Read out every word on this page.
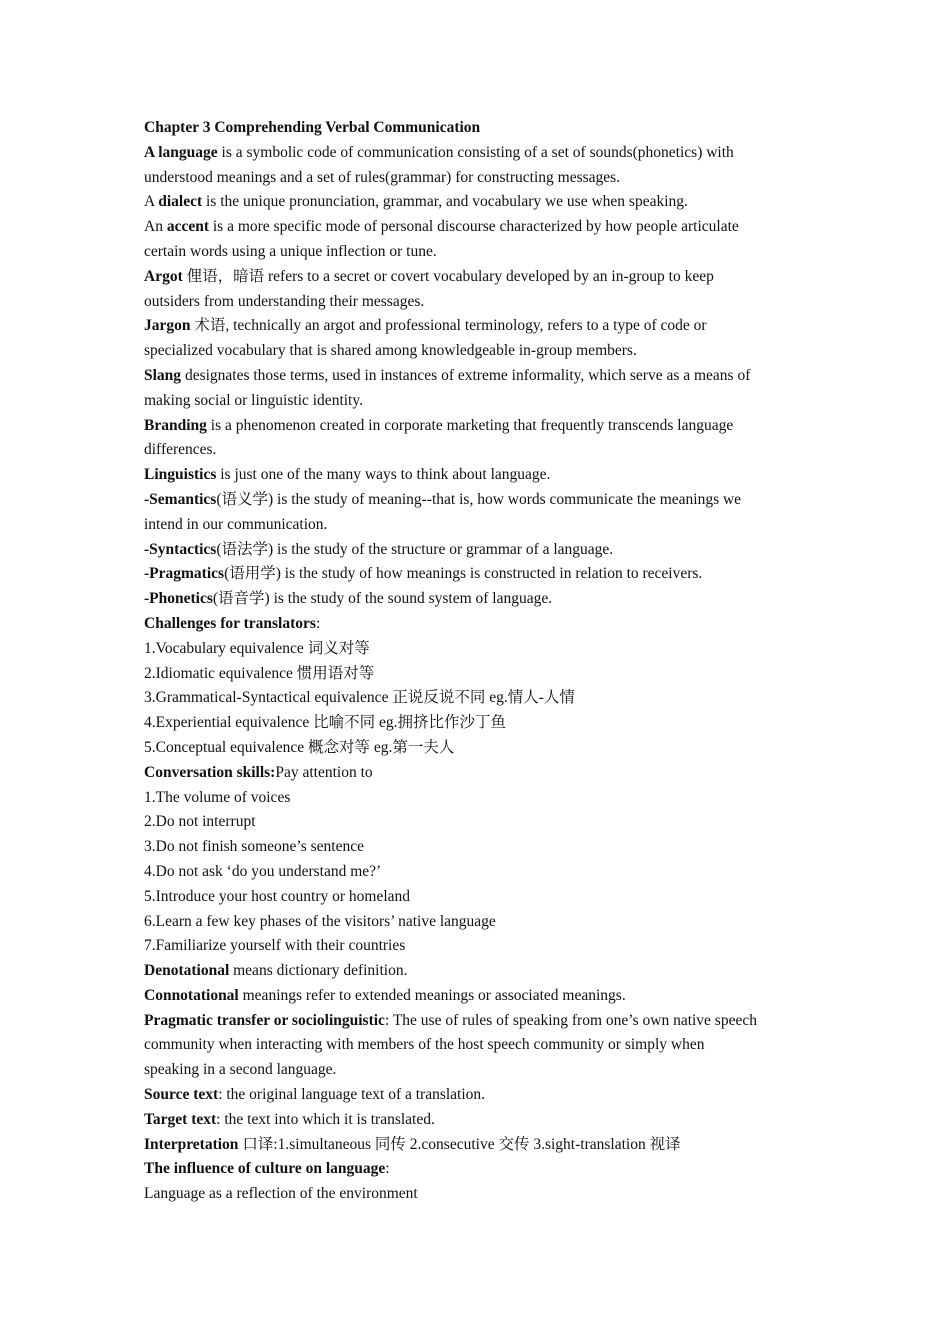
Chapter 3 Comprehending Verbal Communication
A language is a symbolic code of communication consisting of a set of sounds(phonetics) with
understood meanings and a set of rules(grammar) for constructing messages.
A dialect is the unique pronunciation, grammar, and vocabulary we use when speaking.
An accent is a more specific mode of personal discourse characterized by how people articulate
certain words using a unique inflection or tune.
Argot 俚语，暗语 refers to a secret or covert vocabulary developed by an in-group to keep
outsiders from understanding their messages.
Jargon 术语, technically an argot and professional terminology, refers to a type of code or
specialized vocabulary that is shared among knowledgeable in-group members.
Slang designates those terms, used in instances of extreme informality, which serve as a means of
making social or linguistic identity.
Branding is a phenomenon created in corporate marketing that frequently transcends language
differences.
Linguistics is just one of the many ways to think about language.
-Semantics(语义学) is the study of meaning--that is, how words communicate the meanings we
intend in our communication.
-Syntactics(语法学) is the study of the structure or grammar of a language.
-Pragmatics(语用学) is the study of how meanings is constructed in relation to receivers.
-Phonetics(语音学) is the study of the sound system of language.
Challenges for translators:
1.Vocabulary equivalence 词义对等
2.Idiomatic equivalence 惯用语对等
3.Grammatical-Syntactical equivalence 正说反说不同 eg.情人-人情
4.Experiential equivalence 比喻不同 eg.拥挤比作沙丁鱼
5.Conceptual equivalence 概念对等 eg.第一夫人
Conversation skills:Pay attention to
1.The volume of voices
2.Do not interrupt
3.Do not finish someone’s sentence
4.Do not ask ‘do you understand me?’
5.Introduce your host country or homeland
6.Learn a few key phases of the visitors’ native language
7.Familiarize yourself with their countries
Denotational means dictionary definition.
Connotational meanings refer to extended meanings or associated meanings.
Pragmatic transfer or sociolinguistic: The use of rules of speaking from one’s own native speech
community when interacting with members of the host speech community or simply when
speaking in a second language.
Source text: the original language text of a translation.
Target text: the text into which it is translated.
Interpretation 口译:1.simultaneous 同传 2.consecutive 交传 3.sight-translation 视译
The influence of culture on language:
Language as a reflection of the environment
